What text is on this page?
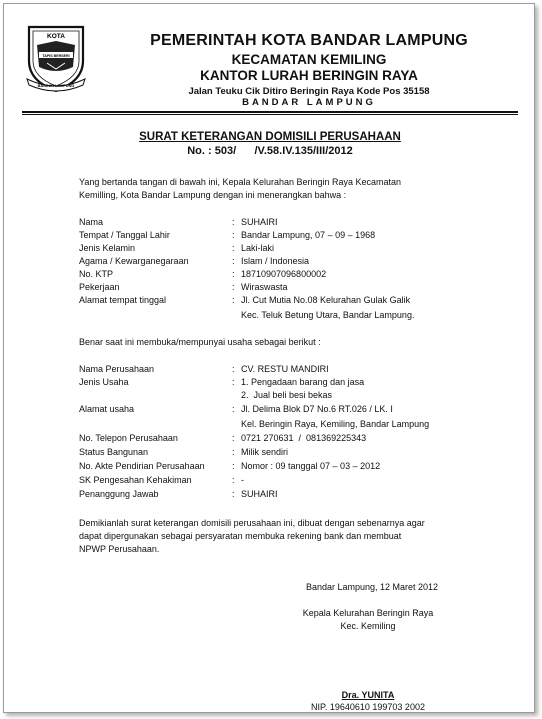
KOTA
TAPIS BERSERI
BANDAR LAMPUNG
PEMERINTAH KOTA BANDAR LAMPUNG
KECAMATAN KEMILING
KANTOR LURAH BERINGIN RAYA
Jalan Teuku Cik Ditiro Beringin Raya Kode Pos 35158
BANDAR LAMPUNG
SURAT KETERANGAN DOMISILI PERUSAHAAN
No. : 503/      /V.58.IV.135/III/2012
Yang bertanda tangan di bawah ini, Kepala Kelurahan Beringin Raya Kecamatan
Kemilling, Kota Bandar Lampung dengan ini menerangkan bahwa :
Nama	: SUHAIRI
Tempat / Tanggal Lahir	: Bandar Lampung, 07 – 09 – 1968
Jenis Kelamin	: Laki-laki
Agama / Kewarganegaraan	: Islam / Indonesia
No. KTP	: 18710907096800002
Pekerjaan	: Wiraswasta
Alamat tempat tinggal	: Jl. Cut Mutia No.08 Kelurahan Gulak Galik
Kec. Teluk Betung Utara, Bandar Lampung.
Benar saat ini membuka/mempunyai usaha sebagai berikut :
Nama Perusahaan	: CV. RESTU MANDIRI
Jenis Usaha	: 1. Pengadaan barang dan jasa
2.  Jual beli besi bekas
Alamat usaha	: Jl. Delima Blok D7 No.6 RT.026 / LK. I
Kel. Beringin Raya, Kemiling, Bandar Lampung
No. Telepon Perusahaan	: 0721 270631  /  081369225343
Status Bangunan	: Milik sendiri
No. Akte Pendirian Perusahaan	: Nomor : 09 tanggal 07 – 03 – 2012
SK Pengesahan Kehakiman	: -
Penanggung Jawab	: SUHAIRI
Demikianlah surat keterangan domisili perusahaan ini, dibuat dengan sebenarnya agar
dapat dipergunakan sebagai persyaratan membuka rekening bank dan membuat
NPWP Perusahaan.
Bandar Lampung, 12 Maret 2012
Kepala Kelurahan Beringin Raya
Kec. Kemiling
Dra. YUNITA
NIP. 19640610 199703 2002
